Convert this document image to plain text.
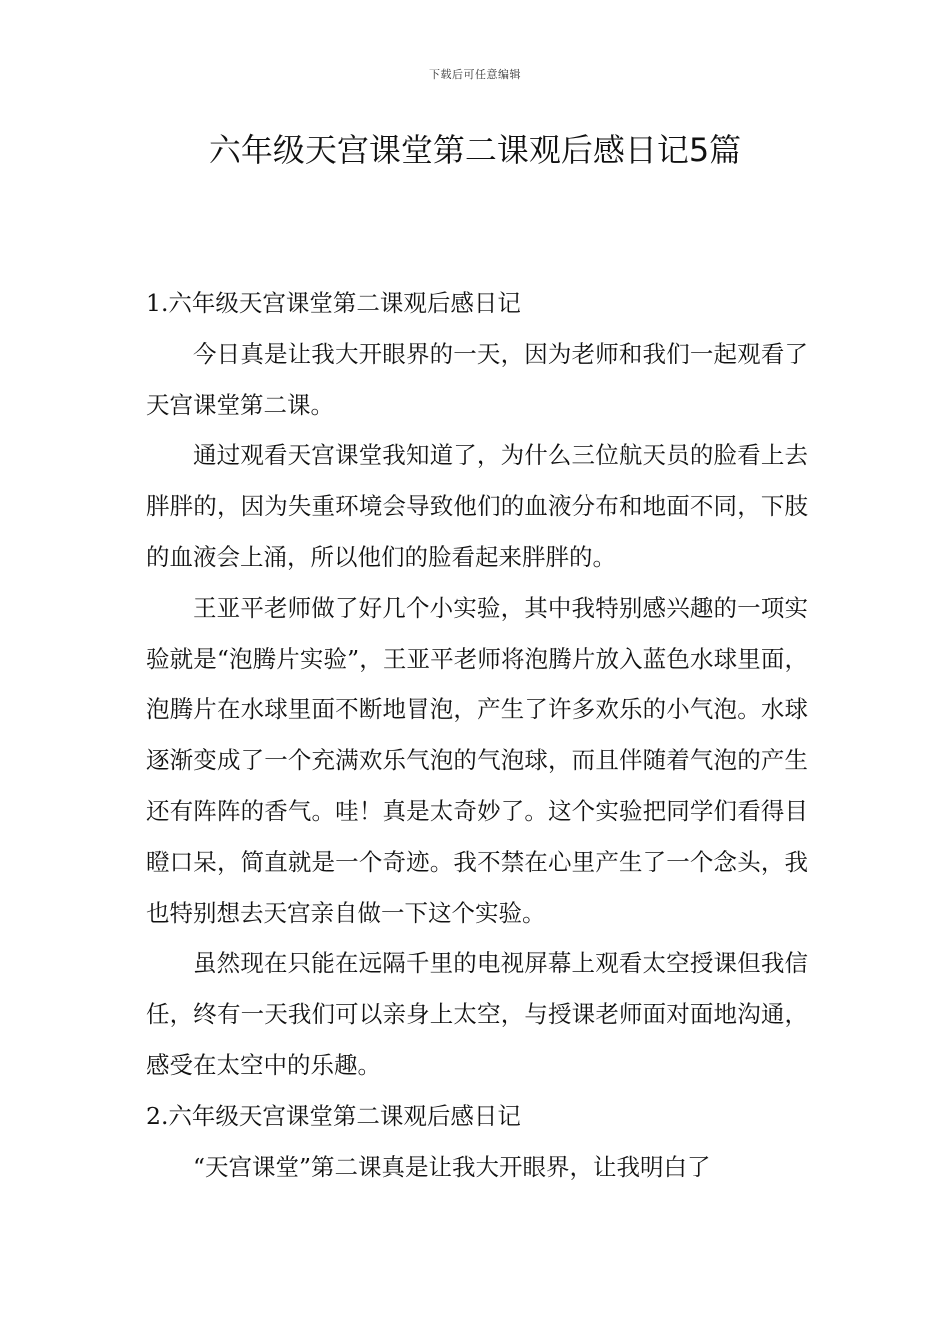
下载后可任意编辑
六年级天宫课堂第二课观后感日记5篇
1.六年级天宫课堂第二课观后感日记

今日真是让我大开眼界的一天，因为老师和我们一起观看了天宫课堂第二课。

通过观看天宫课堂我知道了，为什么三位航天员的脸看上去胖胖的，因为失重环境会导致他们的血液分布和地面不同，下肢的血液会上涌，所以他们的脸看起来胖胖的。

王亚平老师做了好几个小实验，其中我特别感兴趣的一项实验就是“泡腾片实验”，王亚平老师将泡腾片放入蓝色水球里面，泡腾片在水球里面不断地冒泡，产生了许多欢乐的小气泡。水球逐渐变成了一个充满欢乐气泡的气泡球，而且伴随着气泡的产生还有阵阵的香气。哇！真是太奇妙了。这个实验把同学们看得目瞪口呆，简直就是一个奇迹。我不禁在心里产生了一个念头，我也特别想去天宫亲自做一下这个实验。

虽然现在只能在远隔千里的电视屏幕上观看太空授课但我信任，终有一天我们可以亲身上太空，与授课老师面对面地沟通，感受在太空中的乐趣。

2.六年级天宫课堂第二课观后感日记

“天宫课堂”第二课真是让我大开眼界，让我明白了
